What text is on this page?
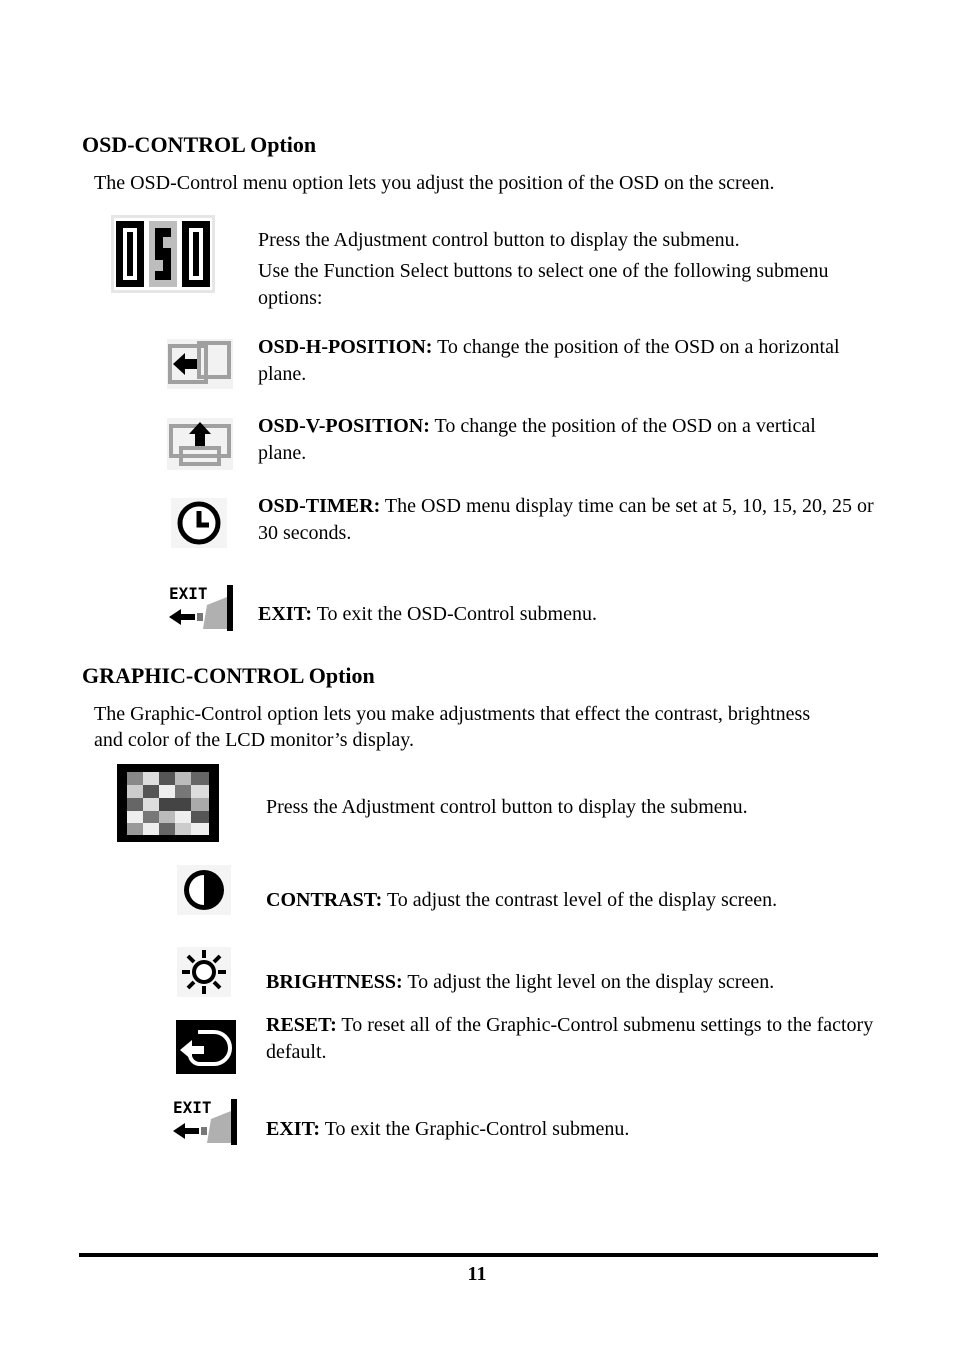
OSD-CONTROL Option
The OSD-Control menu option lets you adjust the position of the OSD on the screen.
Press the Adjustment control button to display the submenu.
Use the Function Select buttons to select one of the following submenu options:
OSD-H-POSITION: To change the position of the OSD on a horizontal plane.
OSD-V-POSITION: To change the position of the OSD on a vertical plane.
OSD-TIMER: The OSD menu display time can be set at 5, 10, 15, 20, 25 or 30 seconds.
EXIT
EXIT: To exit the OSD-Control submenu.
GRAPHIC-CONTROL Option
The Graphic-Control option lets you make adjustments that effect the contrast, brightness and color of the LCD monitor’s display.
Press the Adjustment control button to display the submenu.
CONTRAST: To adjust the contrast level of the display screen.
BRIGHTNESS: To adjust the light level on the display screen.
RESET: To reset all of the Graphic-Control submenu settings to the factory default.
EXIT
EXIT: To exit the Graphic-Control submenu.
11
